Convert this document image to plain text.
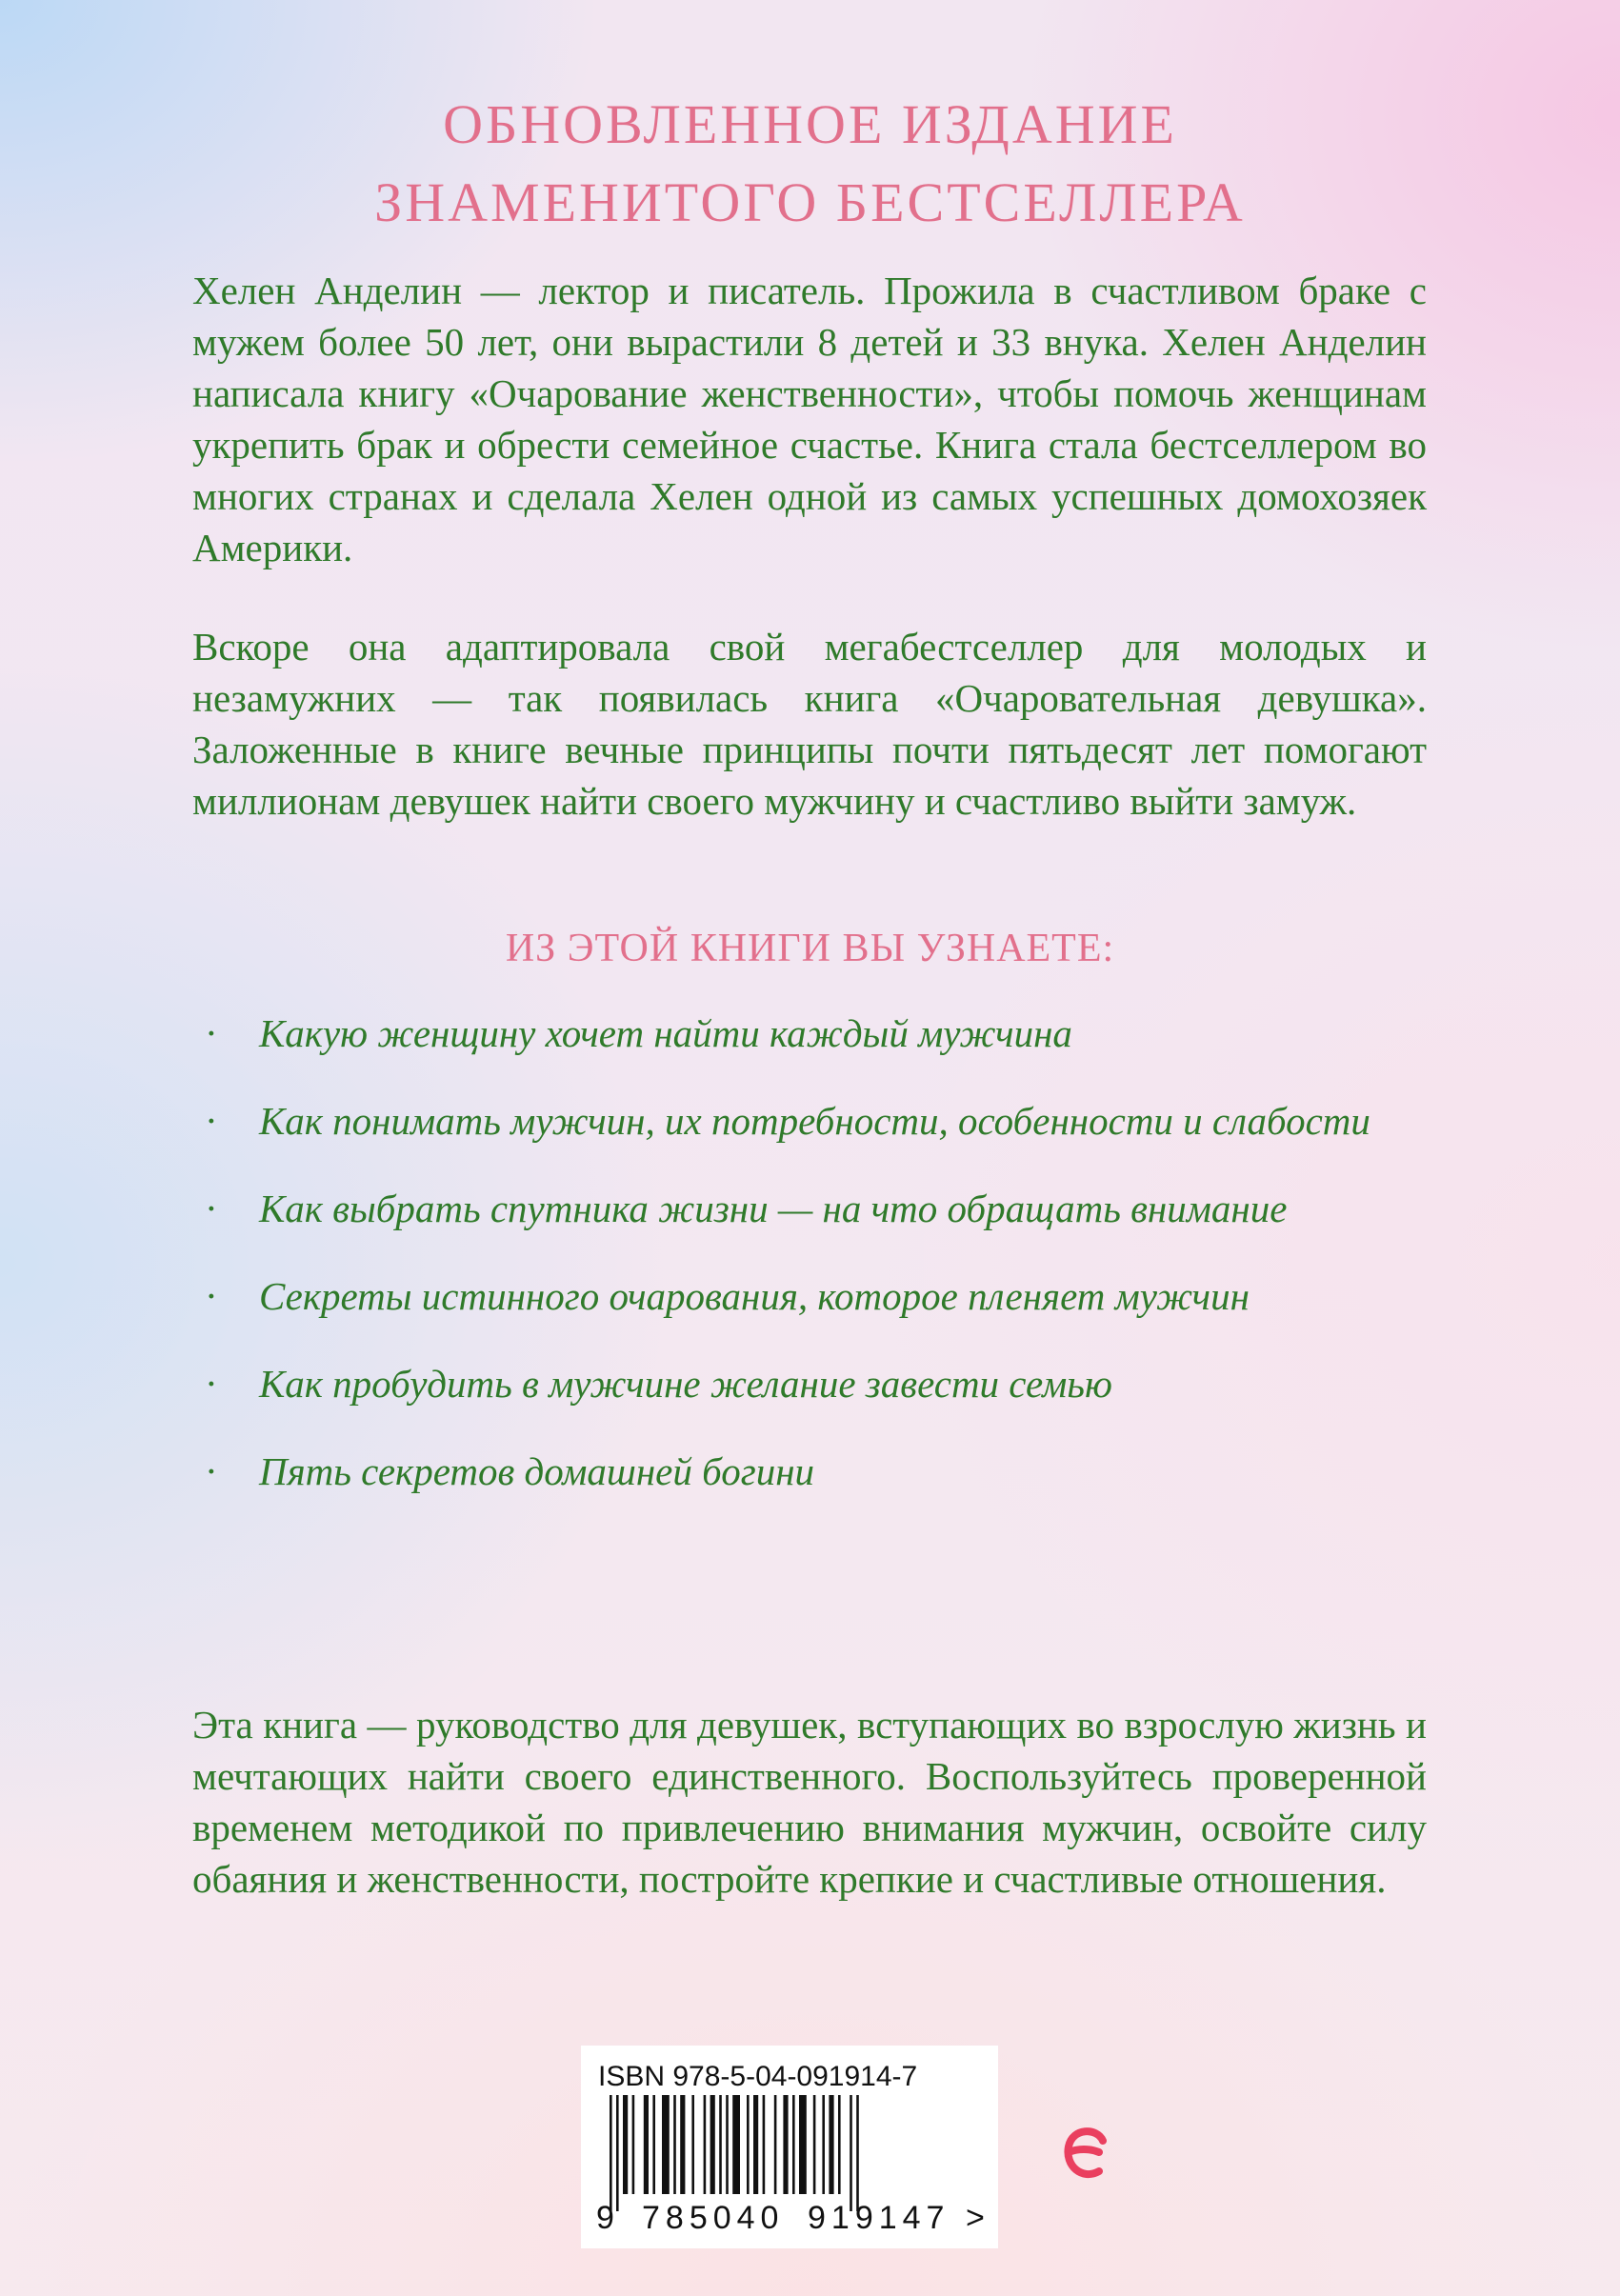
ОБНОВЛЕННОЕ ИЗДАНИЕ
ЗНАМЕНИТОГО БЕСТСЕЛЛЕРА

Хелен Анделин — лектор и писатель. Прожила в счастливом браке с мужем более 50 лет, они вырастили 8 детей и 33 внука. Хелен Анделин написала книгу «Очарование женственности», чтобы помочь женщинам укрепить брак и обрести семейное счастье. Книга стала бестселлером во многих странах и сделала Хелен одной из самых успешных домохозяек Америки.

Вскоре она адаптировала свой мегабестселлер для молодых и незамужних — так появилась книга «Очаровательная девушка». Заложенные в книге вечные принципы почти пятьдесят лет помогают миллионам девушек найти своего мужчину и счастливо выйти замуж.

ИЗ ЭТОЙ КНИГИ ВЫ УЗНАЕТЕ:
· Какую женщину хочет найти каждый мужчина
· Как понимать мужчин, их потребности, особенности и слабости
· Как выбрать спутника жизни — на что обращать внимание
· Секреты истинного очарования, которое пленяет мужчин
· Как пробудить в мужчине желание завести семью
· Пять секретов домашней богини

Эта книга — руководство для девушек, вступающих во взрослую жизнь и мечтающих найти своего единственного. Воспользуйтесь проверенной временем методикой по привлечению внимания мужчин, освойте силу обаяния и женственности, постройте крепкие и счастливые отношения.

ISBN 978-5-04-091914-7
9 785040 919147 >
